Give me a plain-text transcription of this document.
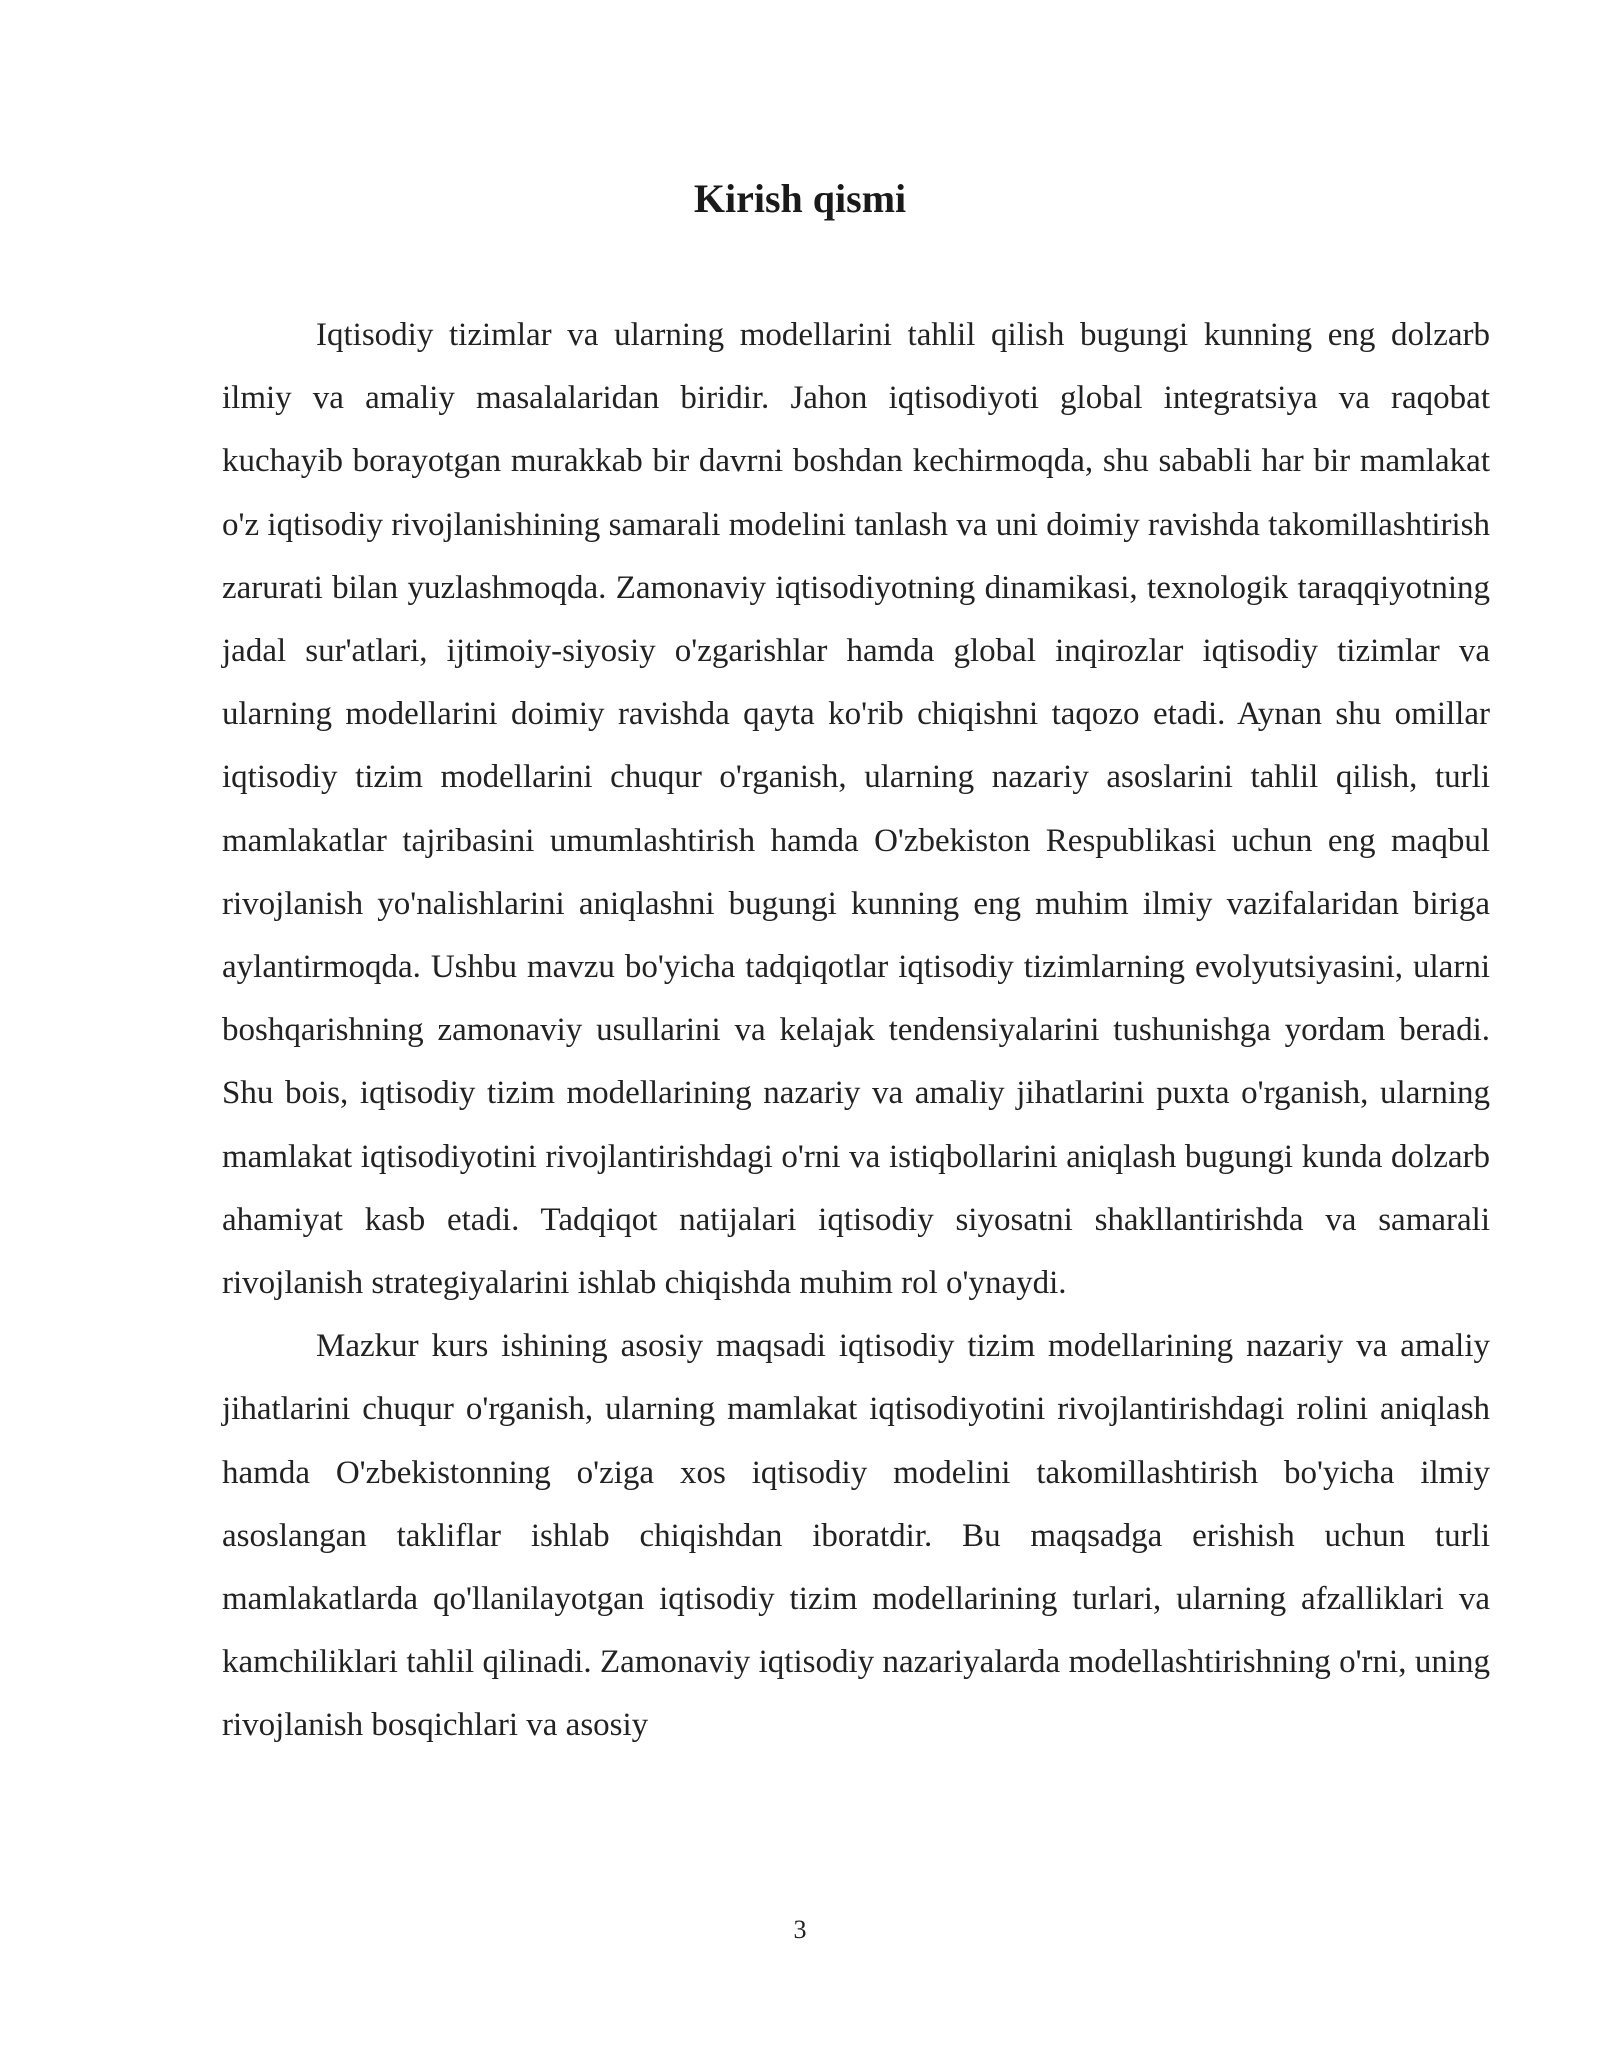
Kirish qismi

Iqtisodiy tizimlar va ularning modellarini tahlil qilish bugungi kunning eng dolzarb ilmiy va amaliy masalalaridan biridir. Jahon iqtisodiyoti global integratsiya va raqobat kuchayib borayotgan murakkab bir davrni boshdan kechirmoqda, shu sababli har bir mamlakat o'z iqtisodiy rivojlanishining samarali modelini tanlash va uni doimiy ravishda takomillashtirish zarurati bilan yuzlashmoqda. Zamonaviy iqtisodiyotning dinamikasi, texnologik taraqqiyotning jadal sur'atlari, ijtimoiy-siyosiy o'zgarishlar hamda global inqirozlar iqtisodiy tizimlar va ularning modellarini doimiy ravishda qayta ko'rib chiqishni taqozo etadi. Aynan shu omillar iqtisodiy tizim modellarini chuqur o'rganish, ularning nazariy asoslarini tahlil qilish, turli mamlakatlar tajribasini umumlashtirish hamda O'zbekiston Respublikasi uchun eng maqbul rivojlanish yo'nalishlarini aniqlashni bugungi kunning eng muhim ilmiy vazifalaridan biriga aylantirmoqda. Ushbu mavzu bo'yicha tadqiqotlar iqtisodiy tizimlarning evolyutsiyasini, ularni boshqarishning zamonaviy usullarini va kelajak tendensiyalarini tushunishga yordam beradi. Shu bois, iqtisodiy tizim modellarining nazariy va amaliy jihatlarini puxta o'rganish, ularning mamlakat iqtisodiyotini rivojlantirishdagi o'rni va istiqbollarini aniqlash bugungi kunda dolzarb ahamiyat kasb etadi. Tadqiqot natijalari iqtisodiy siyosatni shakllantirishda va samarali rivojlanish strategiyalarini ishlab chiqishda muhim rol o'ynaydi.

Mazkur kurs ishining asosiy maqsadi iqtisodiy tizim modellarining nazariy va amaliy jihatlarini chuqur o'rganish, ularning mamlakat iqtisodiyotini rivojlantirishdagi rolini aniqlash hamda O'zbekistonning o'ziga xos iqtisodiy modelini takomillashtirish bo'yicha ilmiy asoslangan takliflar ishlab chiqishdan iboratdir. Bu maqsadga erishish uchun turli mamlakatlarda qo'llanilayotgan iqtisodiy tizim modellarining turlari, ularning afzalliklari va kamchiliklari tahlil qilinadi. Zamonaviy iqtisodiy nazariyalarda modellashtirishning o'rni, uning rivojlanish bosqichlari va asosiy

3
